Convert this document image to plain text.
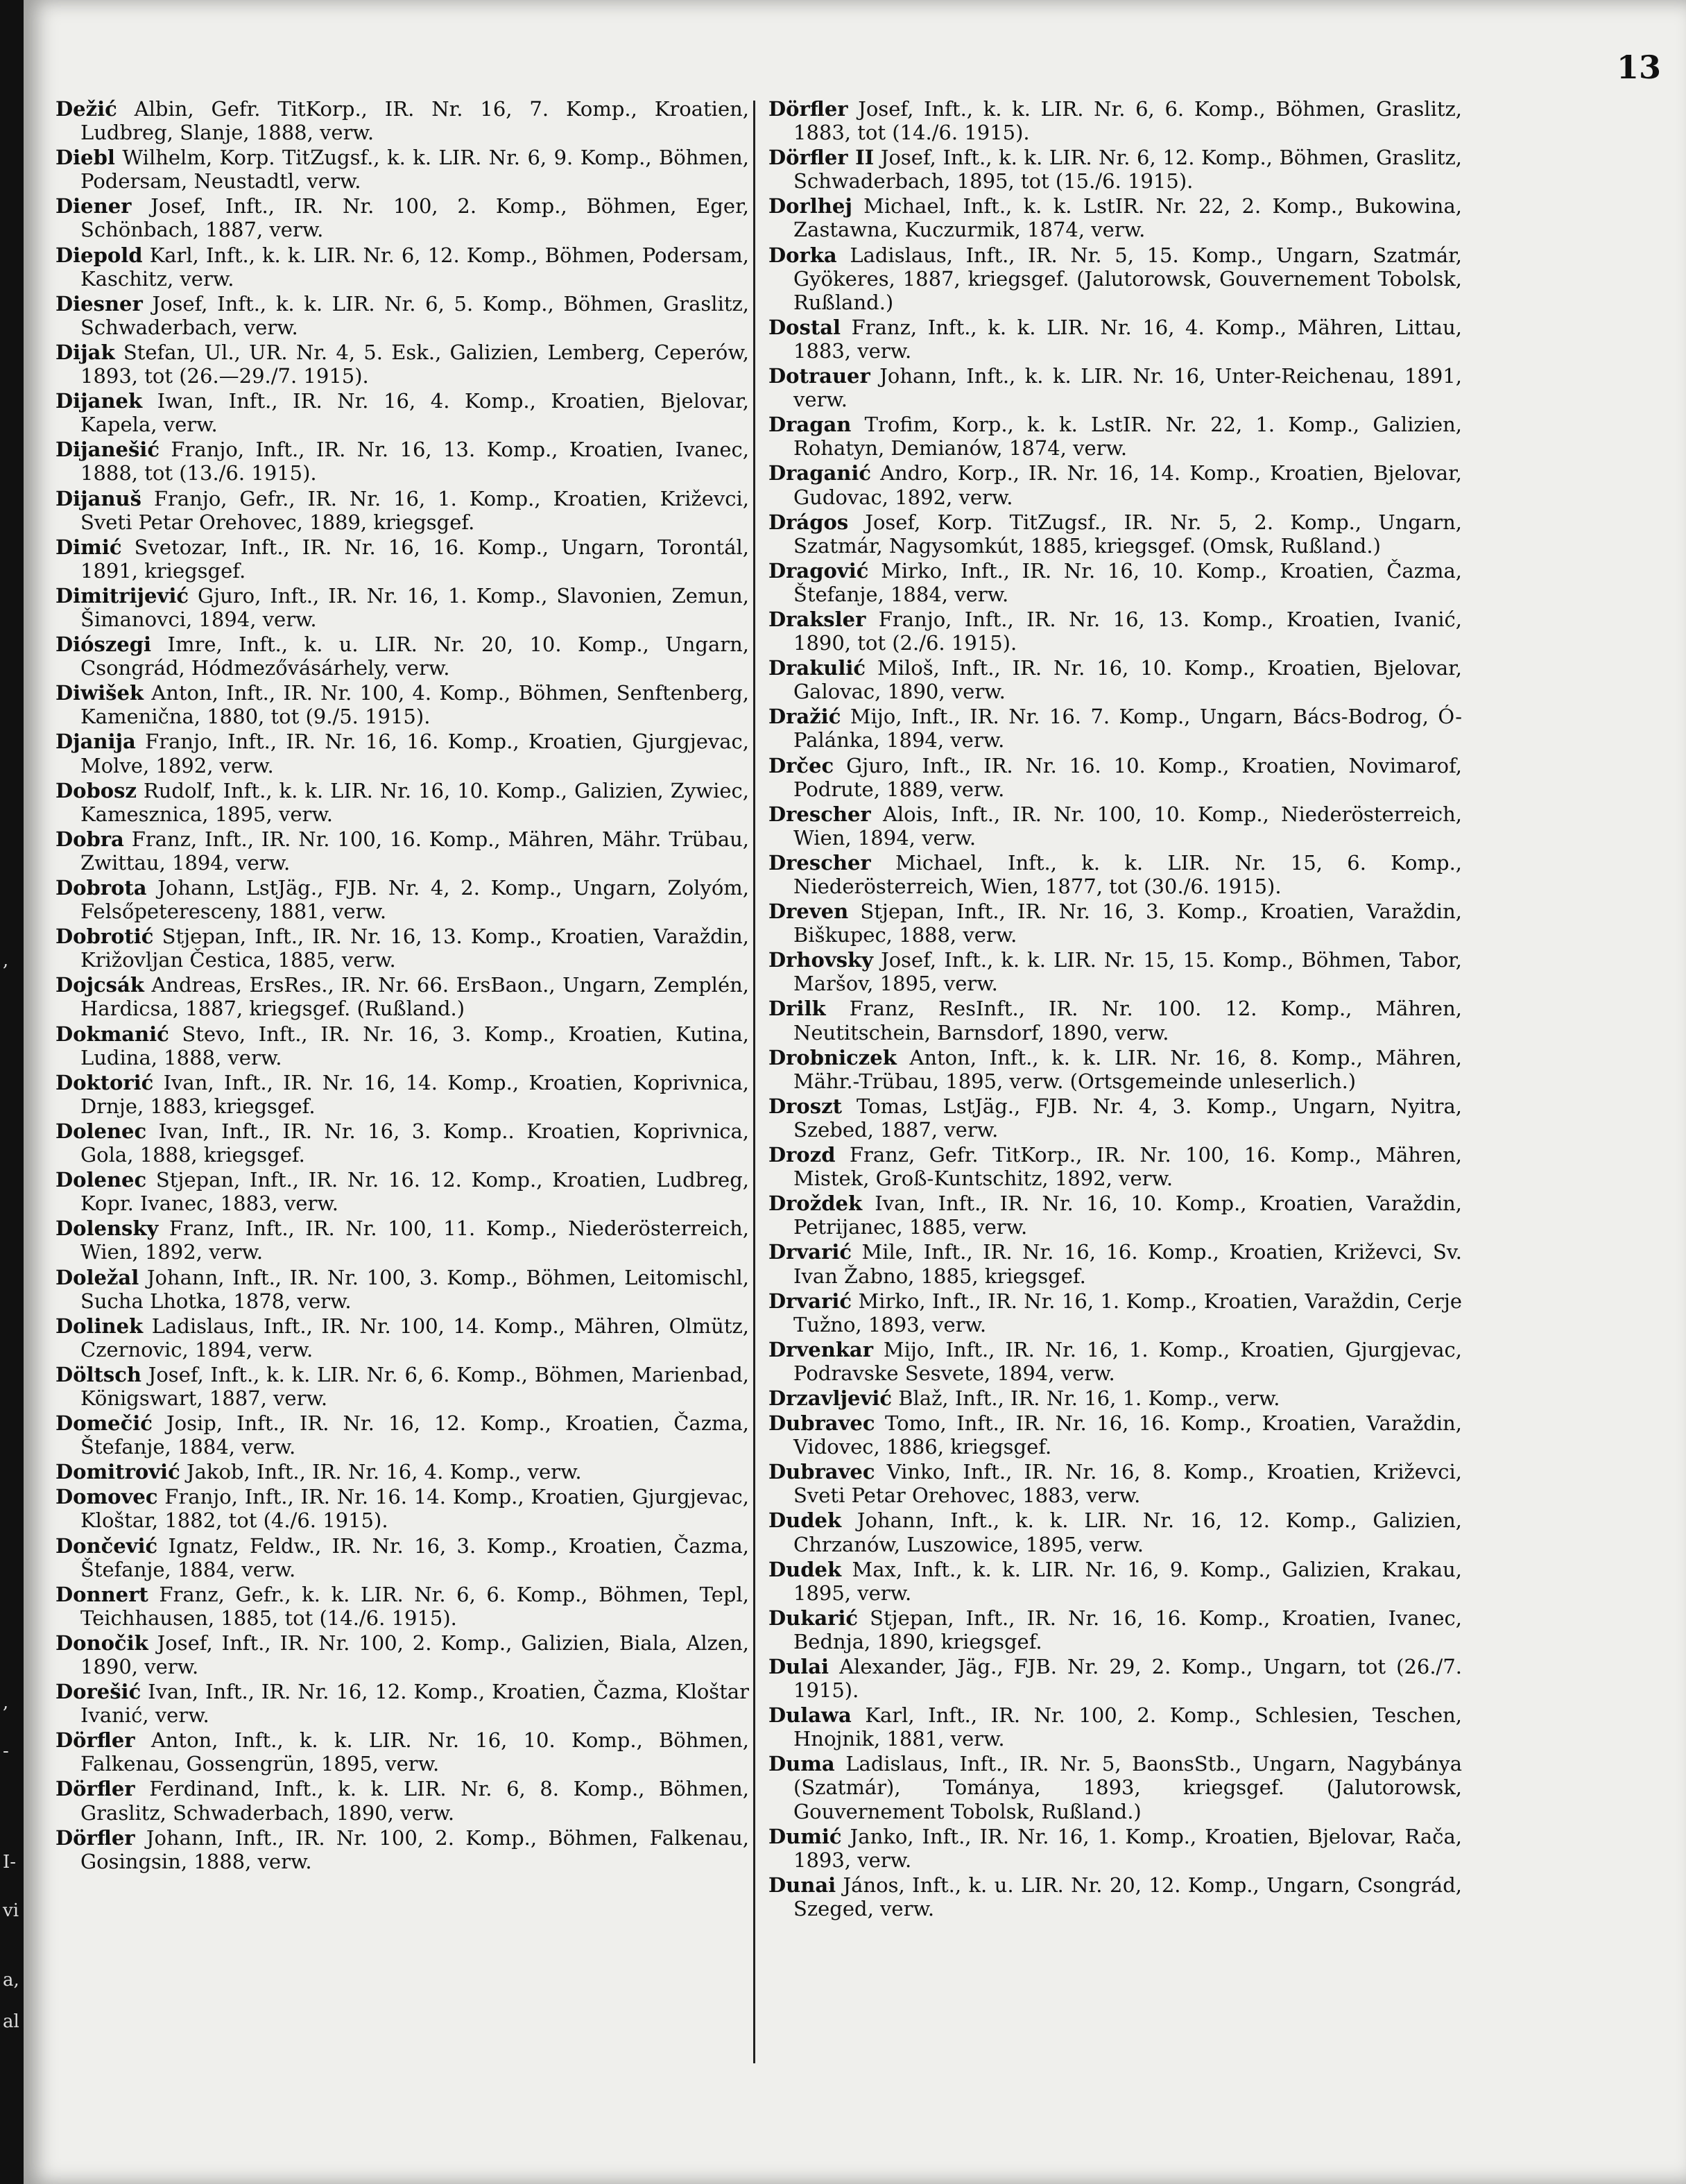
13
,
,
-
I-
vi
a,
al

Dežić Albin, Gefr. TitKorp., IR. Nr. 16, 7. Komp., Kroatien, Ludbreg, Slanje, 1888, verw.

Diebl Wilhelm, Korp. TitZugsf., k. k. LIR. Nr. 6, 9. Komp., Böhmen, Podersam, Neustadtl, verw.

Diener Josef, Inft., IR. Nr. 100, 2. Komp., Böhmen, Eger, Schönbach, 1887, verw.

Diepold Karl, Inft., k. k. LIR. Nr. 6, 12. Komp., Böhmen, Podersam, Kaschitz, verw.

Diesner Josef, Inft., k. k. LIR. Nr. 6, 5. Komp., Böhmen, Graslitz, Schwaderbach, verw.

Dijak Stefan, Ul., UR. Nr. 4, 5. Esk., Galizien, Lemberg, Ceperów, 1893, tot (26.—29./7. 1915).

Dijanek Iwan, Inft., IR. Nr. 16, 4. Komp., Kroatien, Bjelovar, Kapela, verw.

Dijanešić Franjo, Inft., IR. Nr. 16, 13. Komp., Kroatien, Ivanec, 1888, tot (13./6. 1915).

Dijanuš Franjo, Gefr., IR. Nr. 16, 1. Komp., Kroatien, Križevci, Sveti Petar Orehovec, 1889, kriegsgef.

Dimić Svetozar, Inft., IR. Nr. 16, 16. Komp., Ungarn, Torontál, 1891, kriegsgef.

Dimitrijević Gjuro, Inft., IR. Nr. 16, 1. Komp., Slavonien, Zemun, Šimanovci, 1894, verw.

Diószegi Imre, Inft., k. u. LIR. Nr. 20, 10. Komp., Ungarn, Csongrád, Hódmezővásárhely, verw.

Diwišek Anton, Inft., IR. Nr. 100, 4. Komp., Böhmen, Senftenberg, Kamenična, 1880, tot (9./5. 1915).

Djanija Franjo, Inft., IR. Nr. 16, 16. Komp., Kroatien, Gjurgjevac, Molve, 1892, verw.

Dobosz Rudolf, Inft., k. k. LIR. Nr. 16, 10. Komp., Galizien, Zywiec, Kamesznica, 1895, verw.

Dobra Franz, Inft., IR. Nr. 100, 16. Komp., Mähren, Mähr. Trübau, Zwittau, 1894, verw.

Dobrota Johann, LstJäg., FJB. Nr. 4, 2. Komp., Ungarn, Zolyóm, Felsőpeteresceny, 1881, verw.

Dobrotić Stjepan, Inft., IR. Nr. 16, 13. Komp., Kroatien, Varaždin, Križovljan Čestica, 1885, verw.

Dojcsák Andreas, ErsRes., IR. Nr. 66. ErsBaon., Ungarn, Zemplén, Hardicsa, 1887, kriegsgef. (Rußland.)

Dokmanić Stevo, Inft., IR. Nr. 16, 3. Komp., Kroatien, Kutina, Ludina, 1888, verw.

Doktorić Ivan, Inft., IR. Nr. 16, 14. Komp., Kroatien, Koprivnica, Drnje, 1883, kriegsgef.

Dolenec Ivan, Inft., IR. Nr. 16, 3. Komp.. Kroatien, Koprivnica, Gola, 1888, kriegsgef.

Dolenec Stjepan, Inft., IR. Nr. 16. 12. Komp., Kroatien, Ludbreg, Kopr. Ivanec, 1883, verw.

Dolensky Franz, Inft., IR. Nr. 100, 11. Komp., Niederösterreich, Wien, 1892, verw.

Doležal Johann, Inft., IR. Nr. 100, 3. Komp., Böhmen, Leitomischl, Sucha Lhotka, 1878, verw.

Dolinek Ladislaus, Inft., IR. Nr. 100, 14. Komp., Mähren, Olmütz, Czernovic, 1894, verw.

Döltsch Josef, Inft., k. k. LIR. Nr. 6, 6. Komp., Böhmen, Marienbad, Königswart, 1887, verw.

Domečić Josip, Inft., IR. Nr. 16, 12. Komp., Kroatien, Čazma, Štefanje, 1884, verw.

Domitrović Jakob, Inft., IR. Nr. 16, 4. Komp., verw.

Domovec Franjo, Inft., IR. Nr. 16. 14. Komp., Kroatien, Gjurgjevac, Kloštar, 1882, tot (4./6. 1915).

Dončević Ignatz, Feldw., IR. Nr. 16, 3. Komp., Kroatien, Čazma, Štefanje, 1884, verw.

Donnert Franz, Gefr., k. k. LIR. Nr. 6, 6. Komp., Böhmen, Tepl, Teichhausen, 1885, tot (14./6. 1915).

Donočik Josef, Inft., IR. Nr. 100, 2. Komp., Galizien, Biala, Alzen, 1890, verw.

Dorešić Ivan, Inft., IR. Nr. 16, 12. Komp., Kroatien, Čazma, Kloštar Ivanić, verw.

Dörfler Anton, Inft., k. k. LIR. Nr. 16, 10. Komp., Böhmen, Falkenau, Gossengrün, 1895, verw.

Dörfler Ferdinand, Inft., k. k. LIR. Nr. 6, 8. Komp., Böhmen, Graslitz, Schwaderbach, 1890, verw.

Dörfler Johann, Inft., IR. Nr. 100, 2. Komp., Böhmen, Falkenau, Gosingsin, 1888, verw.

Dörfler Josef, Inft., k. k. LIR. Nr. 6, 6. Komp., Böhmen, Graslitz, 1883, tot (14./6. 1915).

Dörfler II Josef, Inft., k. k. LIR. Nr. 6, 12. Komp., Böhmen, Graslitz, Schwaderbach, 1895, tot (15./6. 1915).

Dorlhej Michael, Inft., k. k. LstIR. Nr. 22, 2. Komp., Bukowina, Zastawna, Kuczurmik, 1874, verw.

Dorka Ladislaus, Inft., IR. Nr. 5, 15. Komp., Ungarn, Szatmár, Gyökeres, 1887, kriegsgef. (Jalutorowsk, Gouvernement Tobolsk, Rußland.)

Dostal Franz, Inft., k. k. LIR. Nr. 16, 4. Komp., Mähren, Littau, 1883, verw.

Dotrauer Johann, Inft., k. k. LIR. Nr. 16, Unter-Reichenau, 1891, verw.

Dragan Trofim, Korp., k. k. LstIR. Nr. 22, 1. Komp., Galizien, Rohatyn, Demianów, 1874, verw.

Draganić Andro, Korp., IR. Nr. 16, 14. Komp., Kroatien, Bjelovar, Gudovac, 1892, verw.

Drágos Josef, Korp. TitZugsf., IR. Nr. 5, 2. Komp., Ungarn, Szatmár, Nagysomkút, 1885, kriegsgef. (Omsk, Rußland.)

Dragović Mirko, Inft., IR. Nr. 16, 10. Komp., Kroatien, Čazma, Štefanje, 1884, verw.

Draksler Franjo, Inft., IR. Nr. 16, 13. Komp., Kroatien, Ivanić, 1890, tot (2./6. 1915).

Drakulić Miloš, Inft., IR. Nr. 16, 10. Komp., Kroatien, Bjelovar, Galovac, 1890, verw.

Dražić Mijo, Inft., IR. Nr. 16. 7. Komp., Ungarn, Bács-Bodrog, Ó-Palánka, 1894, verw.

Drčec Gjuro, Inft., IR. Nr. 16. 10. Komp., Kroatien, Novimarof, Podrute, 1889, verw.

Drescher Alois, Inft., IR. Nr. 100, 10. Komp., Niederösterreich, Wien, 1894, verw.

Drescher Michael, Inft., k. k. LIR. Nr. 15, 6. Komp., Niederösterreich, Wien, 1877, tot (30./6. 1915).

Dreven Stjepan, Inft., IR. Nr. 16, 3. Komp., Kroatien, Varaždin, Biškupec, 1888, verw.

Drhovsky Josef, Inft., k. k. LIR. Nr. 15, 15. Komp., Böhmen, Tabor, Maršov, 1895, verw.

Drilk Franz, ResInft., IR. Nr. 100. 12. Komp., Mähren, Neutitschein, Barnsdorf, 1890, verw.

Drobniczek Anton, Inft., k. k. LIR. Nr. 16, 8. Komp., Mähren, Mähr.-Trübau, 1895, verw. (Ortsgemeinde unleserlich.)

Droszt Tomas, LstJäg., FJB. Nr. 4, 3. Komp., Ungarn, Nyitra, Szebed, 1887, verw.

Drozd Franz, Gefr. TitKorp., IR. Nr. 100, 16. Komp., Mähren, Mistek, Groß-Kuntschitz, 1892, verw.

Droždek Ivan, Inft., IR. Nr. 16, 10. Komp., Kroatien, Varaždin, Petrijanec, 1885, verw.

Drvarić Mile, Inft., IR. Nr. 16, 16. Komp., Kroatien, Križevci, Sv. Ivan Žabno, 1885, kriegsgef.

Drvarić Mirko, Inft., IR. Nr. 16, 1. Komp., Kroatien, Varaždin, Cerje Tužno, 1893, verw.

Drvenkar Mijo, Inft., IR. Nr. 16, 1. Komp., Kroatien, Gjurgjevac, Podravske Sesvete, 1894, verw.

Drzavljević Blaž, Inft., IR. Nr. 16, 1. Komp., verw.

Dubravec Tomo, Inft., IR. Nr. 16, 16. Komp., Kroatien, Varaždin, Vidovec, 1886, kriegsgef.

Dubravec Vinko, Inft., IR. Nr. 16, 8. Komp., Kroatien, Križevci, Sveti Petar Orehovec, 1883, verw.

Dudek Johann, Inft., k. k. LIR. Nr. 16, 12. Komp., Galizien, Chrzanów, Luszowice, 1895, verw.

Dudek Max, Inft., k. k. LIR. Nr. 16, 9. Komp., Galizien, Krakau, 1895, verw.

Dukarić Stjepan, Inft., IR. Nr. 16, 16. Komp., Kroatien, Ivanec, Bednja, 1890, kriegsgef.

Dulai Alexander, Jäg., FJB. Nr. 29, 2. Komp., Ungarn, tot (26./7. 1915).

Dulawa Karl, Inft., IR. Nr. 100, 2. Komp., Schlesien, Teschen, Hnojnik, 1881, verw.

Duma Ladislaus, Inft., IR. Nr. 5, BaonsStb., Ungarn, Nagybánya (Szatmár), Tománya, 1893, kriegsgef. (Jalutorowsk, Gouvernement Tobolsk, Rußland.)

Dumić Janko, Inft., IR. Nr. 16, 1. Komp., Kroatien, Bjelovar, Rača, 1893, verw.

Dunai János, Inft., k. u. LIR. Nr. 20, 12. Komp., Ungarn, Csongrád, Szeged, verw.
